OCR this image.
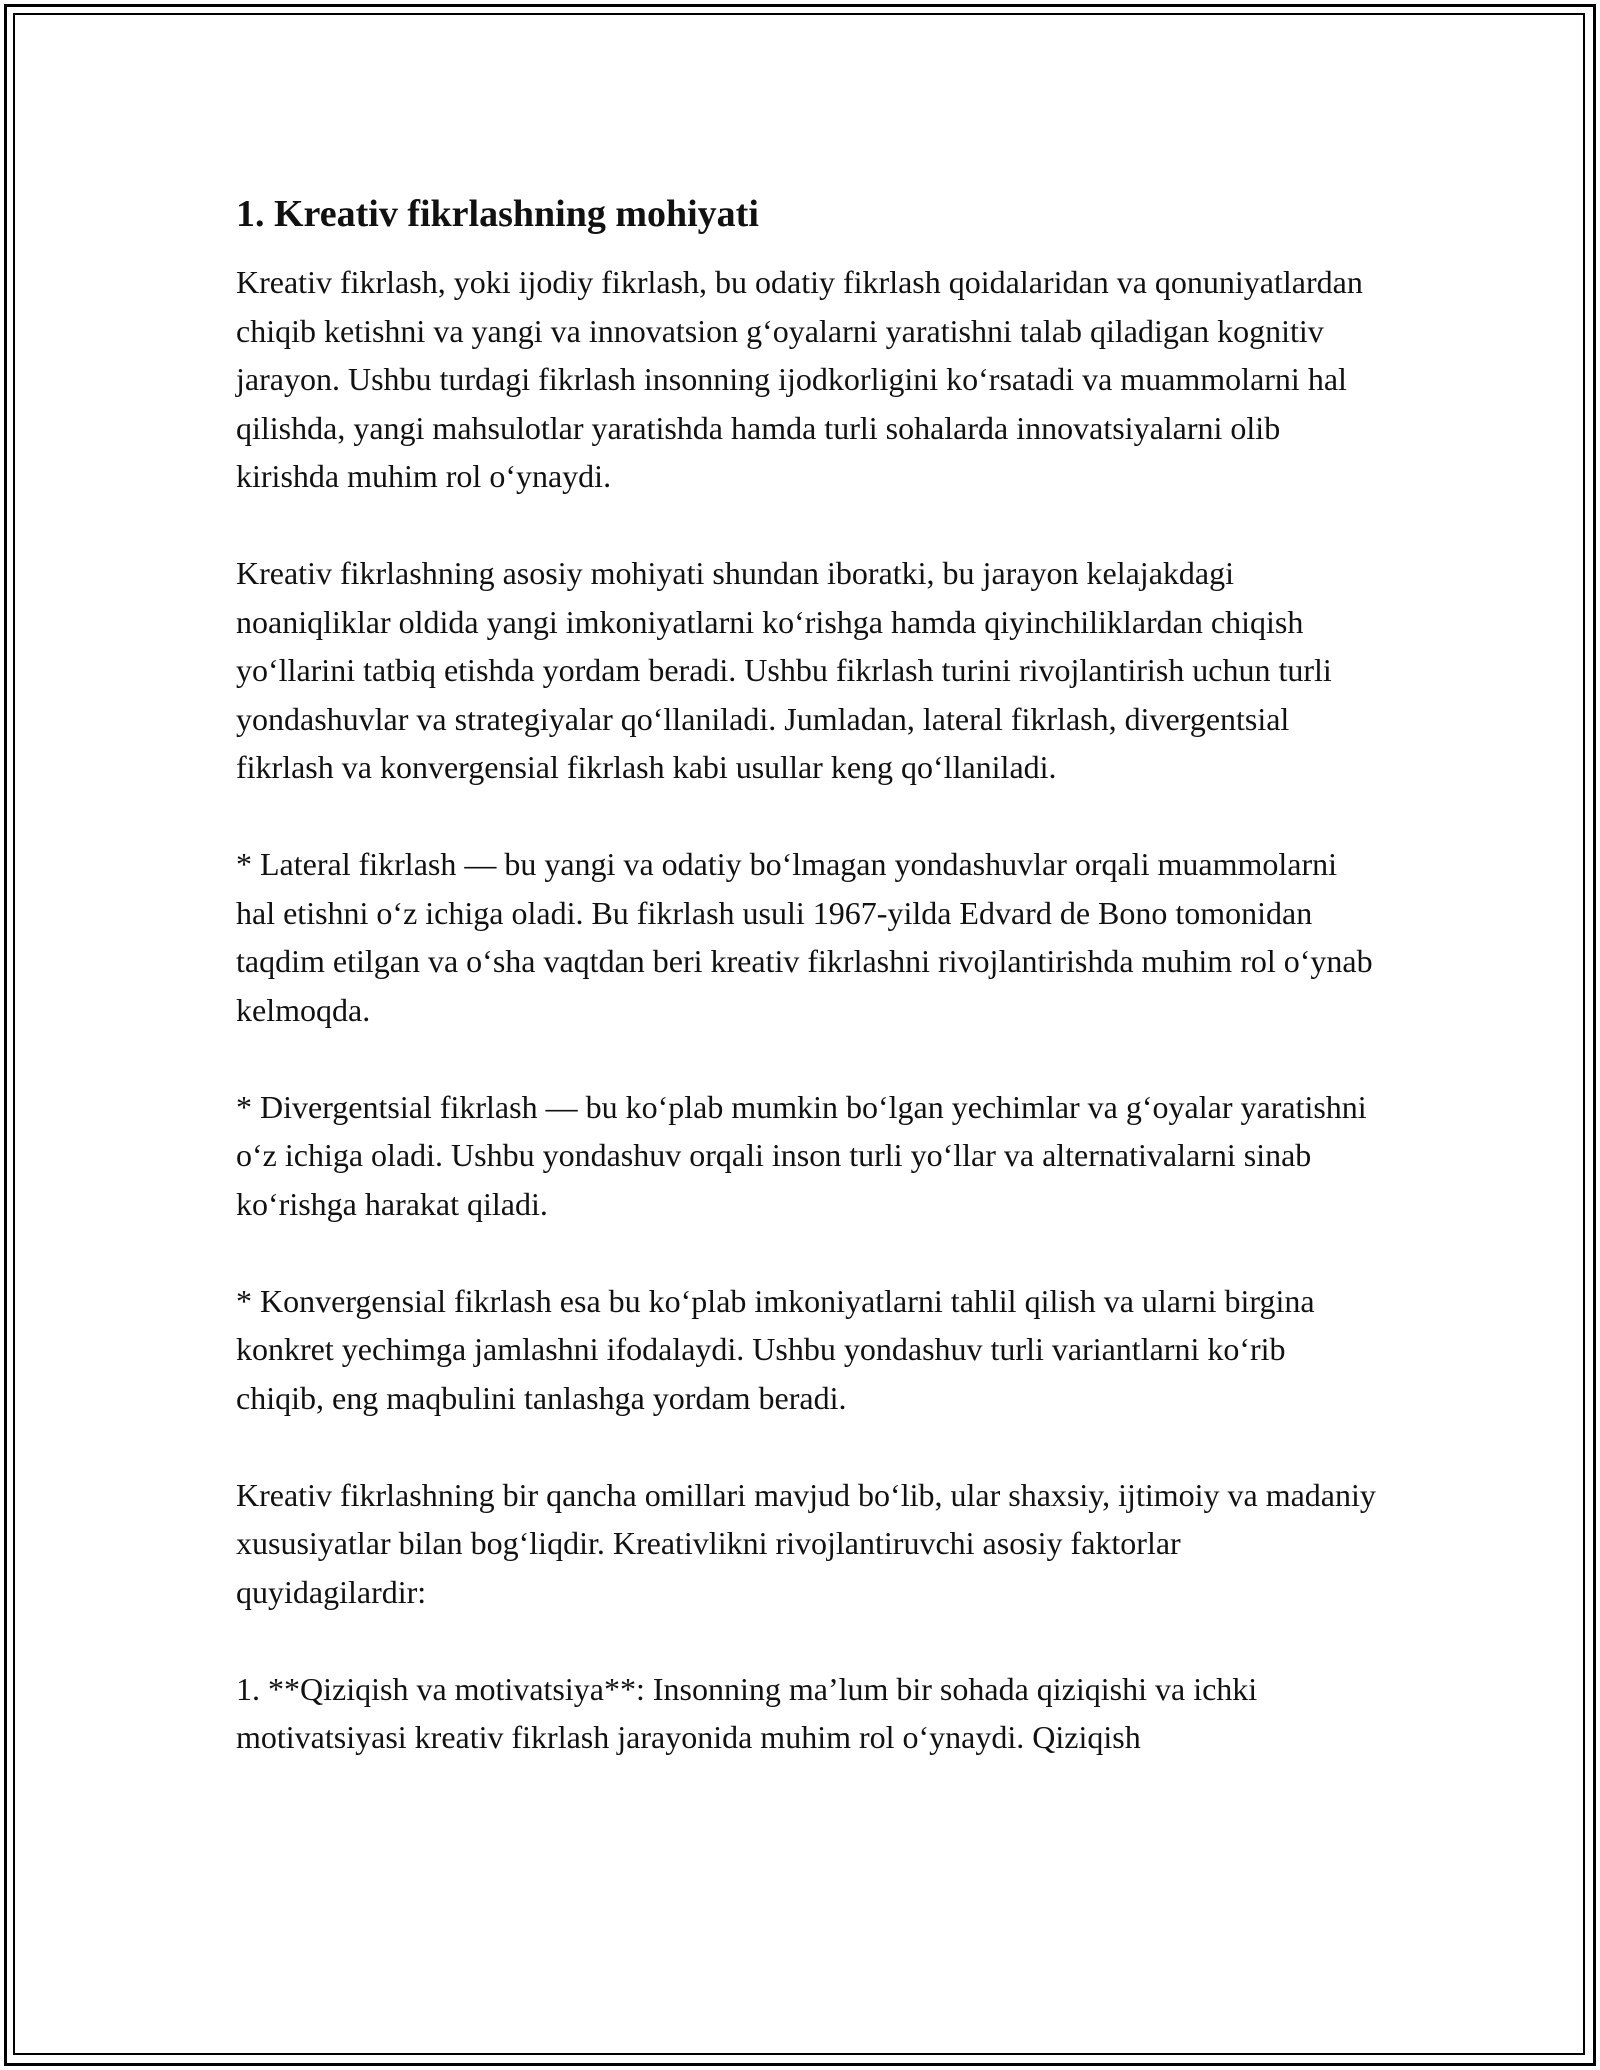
1. Kreativ fikrlashning mohiyati

Kreativ fikrlash, yoki ijodiy fikrlash, bu odatiy fikrlash qoidalaridan va qonuniyatlardan chiqib ketishni va yangi va innovatsion g‘oyalarni yaratishni talab qiladigan kognitiv jarayon. Ushbu turdagi fikrlash insonning ijodkorligini ko‘rsatadi va muammolarni hal qilishda, yangi mahsulotlar yaratishda hamda turli sohalarda innovatsiyalarni olib kirishda muhim rol o‘ynaydi.

Kreativ fikrlashning asosiy mohiyati shundan iboratki, bu jarayon kelajakdagi noaniqliklar oldida yangi imkoniyatlarni ko‘rishga hamda qiyinchiliklardan chiqish yo‘llarini tatbiq etishda yordam beradi. Ushbu fikrlash turini rivojlantirish uchun turli yondashuvlar va strategiyalar qo‘llaniladi. Jumladan, lateral fikrlash, divergentsial fikrlash va konvergensial fikrlash kabi usullar keng qo‘llaniladi.

* Lateral fikrlash — bu yangi va odatiy bo‘lmagan yondashuvlar orqali muammolarni hal etishni o‘z ichiga oladi. Bu fikrlash usuli 1967-yilda Edvard de Bono tomonidan taqdim etilgan va o‘sha vaqtdan beri kreativ fikrlashni rivojlantirishda muhim rol o‘ynab kelmoqda.

* Divergentsial fikrlash — bu ko‘plab mumkin bo‘lgan yechimlar va g‘oyalar yaratishni o‘z ichiga oladi. Ushbu yondashuv orqali inson turli yo‘llar va alternativalarni sinab ko‘rishga harakat qiladi.

* Konvergensial fikrlash esa bu ko‘plab imkoniyatlarni tahlil qilish va ularni birgina konkret yechimga jamlashni ifodalaydi. Ushbu yondashuv turli variantlarni ko‘rib chiqib, eng maqbulini tanlashga yordam beradi.

Kreativ fikrlashning bir qancha omillari mavjud bo‘lib, ular shaxsiy, ijtimoiy va madaniy xususiyatlar bilan bog‘liqdir. Kreativlikni rivojlantiruvchi asosiy faktorlar quyidagilardir:

1. **Qiziqish va motivatsiya**: Insonning ma’lum bir sohada qiziqishi va ichki motivatsiyasi kreativ fikrlash jarayonida muhim rol o‘ynaydi. Qiziqish
